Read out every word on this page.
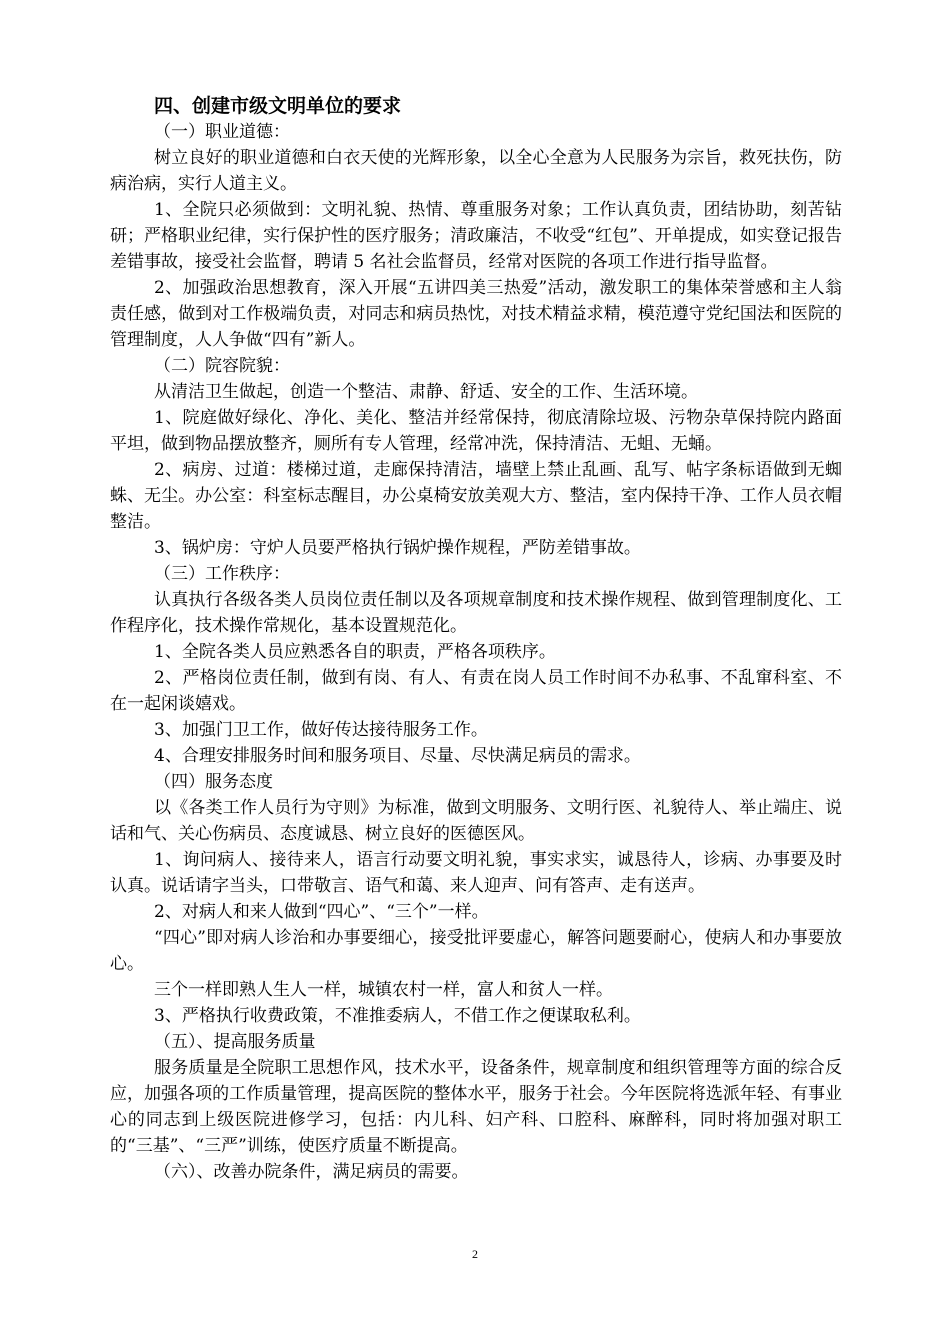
四、创建市级文明单位的要求

（一）职业道德：

树立良好的职业道德和白衣天使的光辉形象，以全心全意为人民服务为宗旨，救死扶伤，防病治病，实行人道主义。

1、全院只必须做到：文明礼貌、热情、尊重服务对象；工作认真负责，团结协助，刻苦钻研；严格职业纪律，实行保护性的医疗服务；清政廉洁，不收受“红包”、开单提成，如实登记报告差错事故，接受社会监督，聘请 5 名社会监督员，经常对医院的各项工作进行指导监督。

2、加强政治思想教育，深入开展“五讲四美三热爱”活动，激发职工的集体荣誉感和主人翁责任感，做到对工作极端负责，对同志和病员热忱，对技术精益求精，模范遵守党纪国法和医院的管理制度，人人争做“四有”新人。

（二）院容院貌：

从清洁卫生做起，创造一个整洁、肃静、舒适、安全的工作、生活环境。

1、院庭做好绿化、净化、美化、整洁并经常保持，彻底清除垃圾、污物杂草保持院内路面平坦，做到物品摆放整齐，厕所有专人管理，经常冲洗，保持清洁、无蛆、无蛹。

2、病房、过道：楼梯过道，走廊保持清洁，墙壁上禁止乱画、乱写、帖字条标语做到无蜘蛛、无尘。办公室：科室标志醒目，办公桌椅安放美观大方、整洁，室内保持干净、工作人员衣帽整洁。

3、锅炉房：守炉人员要严格执行锅炉操作规程，严防差错事故。

（三）工作秩序：

认真执行各级各类人员岗位责任制以及各项规章制度和技术操作规程、做到管理制度化、工作程序化，技术操作常规化，基本设置规范化。

1、全院各类人员应熟悉各自的职责，严格各项秩序。

2、严格岗位责任制，做到有岗、有人、有责在岗人员工作时间不办私事、不乱窜科室、不在一起闲谈嬉戏。

3、加强门卫工作，做好传达接待服务工作。

4、合理安排服务时间和服务项目、尽量、尽快满足病员的需求。

（四）服务态度

以《各类工作人员行为守则》为标准，做到文明服务、文明行医、礼貌待人、举止端庄、说话和气、关心伤病员、态度诚恳、树立良好的医德医风。

1、询问病人、接待来人，语言行动要文明礼貌，事实求实，诚恳待人，诊病、办事要及时认真。说话请字当头，口带敬言、语气和蔼、来人迎声、问有答声、走有送声。

2、对病人和来人做到“四心”、“三个”一样。

“四心”即对病人诊治和办事要细心，接受批评要虚心，解答问题要耐心，使病人和办事要放心。

三个一样即熟人生人一样，城镇农村一样，富人和贫人一样。

3、严格执行收费政策，不准推委病人，不借工作之便谋取私利。

（五）、提高服务质量

服务质量是全院职工思想作风，技术水平，设备条件，规章制度和组织管理等方面的综合反应，加强各项的工作质量管理，提高医院的整体水平，服务于社会。今年医院将选派年轻、有事业心的同志到上级医院进修学习，包括：内儿科、妇产科、口腔科、麻醉科，同时将加强对职工的“三基”、“三严”训练，使医疗质量不断提高。

（六）、改善办院条件，满足病员的需要。

2
